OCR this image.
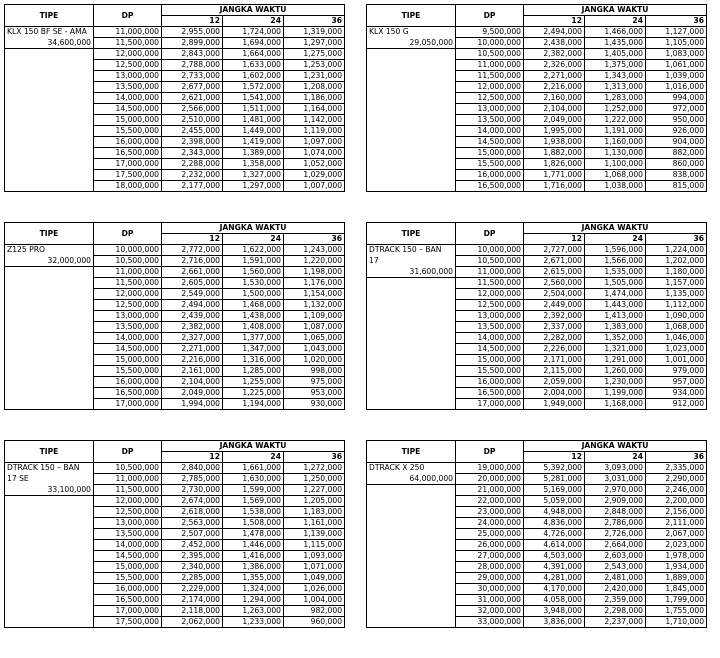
TIPE	DP	JANGKA WAKTU		
		12	24	36
KLX 150 BF SE - AMA	11,000,000	2,955,000	1,724,000	1,319,000
34,600,000	11,500,000	2,899,000	1,694,000	1,297,000
	12,000,000	2,843,000	1,664,000	1,275,000
	12,500,000	2,788,000	1,633,000	1,253,000
	13,000,000	2,733,000	1,602,000	1,231,000
	13,500,000	2,677,000	1,572,000	1,208,000
	14,000,000	2,621,000	1,541,000	1,186,000
	14,500,000	2,566,000	1,511,000	1,164,000
	15,000,000	2,510,000	1,481,000	1,142,000
	15,500,000	2,455,000	1,449,000	1,119,000
	16,000,000	2,398,000	1,419,000	1,097,000
	16,500,000	2,343,000	1,389,000	1,074,000
	17,000,000	2,288,000	1,358,000	1,052,000
	17,500,000	2,232,000	1,327,000	1,029,000
	18,000,000	2,177,000	1,297,000	1,007,000
TIPE	DP	JANGKA WAKTU		
		12	24	36
KLX 150 G	9,500,000	2,494,000	1,466,000	1,127,000
29,050,000	10,000,000	2,438,000	1,435,000	1,105,000
	10,500,000	2,382,000	1,405,000	1,083,000
	11,000,000	2,326,000	1,375,000	1,061,000
	11,500,000	2,271,000	1,343,000	1,039,000
	12,000,000	2,216,000	1,313,000	1,016,000
	12,500,000	2,160,000	1,283,000	994,000
	13,000,000	2,104,000	1,252,000	972,000
	13,500,000	2,049,000	1,222,000	950,000
	14,000,000	1,995,000	1,191,000	926,000
	14,500,000	1,938,000	1,160,000	904,000
	15,000,000	1,882,000	1,130,000	882,000
	15,500,000	1,826,000	1,100,000	860,000
	16,000,000	1,771,000	1,068,000	838,000
	16,500,000	1,716,000	1,038,000	815,000
TIPE	DP	JANGKA WAKTU		
		12	24	36
Z125 PRO	10,000,000	2,772,000	1,622,000	1,243,000
32,000,000	10,500,000	2,716,000	1,591,000	1,220,000
	11,000,000	2,661,000	1,560,000	1,198,000
	11,500,000	2,605,000	1,530,000	1,176,000
	12,000,000	2,549,000	1,500,000	1,154,000
	12,500,000	2,494,000	1,468,000	1,132,000
	13,000,000	2,439,000	1,438,000	1,109,000
	13,500,000	2,382,000	1,408,000	1,087,000
	14,000,000	2,327,000	1,377,000	1,065,000
	14,500,000	2,271,000	1,347,000	1,043,000
	15,000,000	2,216,000	1,316,000	1,020,000
	15,500,000	2,161,000	1,285,000	998,000
	16,000,000	2,104,000	1,255,000	975,000
	16,500,000	2,049,000	1,225,000	953,000
	17,000,000	1,994,000	1,194,000	930,000
TIPE	DP	JANGKA WAKTU		
		12	24	36
DTRACK 150 – BAN	10,000,000	2,727,000	1,596,000	1,224,000
17	10,500,000	2,671,000	1,566,000	1,202,000
31,600,000	11,000,000	2,615,000	1,535,000	1,180,000
	11,500,000	2,560,000	1,505,000	1,157,000
	12,000,000	2,504,000	1,474,000	1,135,000
	12,500,000	2,449,000	1,443,000	1,112,000
	13,000,000	2,392,000	1,413,000	1,090,000
	13,500,000	2,337,000	1,383,000	1,068,000
	14,000,000	2,282,000	1,352,000	1,046,000
	14,500,000	2,226,000	1,321,000	1,023,000
	15,000,000	2,171,000	1,291,000	1,001,000
	15,500,000	2,115,000	1,260,000	979,000
	16,000,000	2,059,000	1,230,000	957,000
	16,500,000	2,004,000	1,199,000	934,000
	17,000,000	1,949,000	1,168,000	912,000
TIPE	DP	JANGKA WAKTU		
		12	24	36
DTRACK 150 – BAN	10,500,000	2,840,000	1,661,000	1,272,000
17 SE	11,000,000	2,785,000	1,630,000	1,250,000
33,100,000	11,500,000	2,730,000	1,599,000	1,227,000
	12,000,000	2,674,000	1,569,000	1,205,000
	12,500,000	2,618,000	1,538,000	1,183,000
	13,000,000	2,563,000	1,508,000	1,161,000
	13,500,000	2,507,000	1,478,000	1,139,000
	14,000,000	2,452,000	1,446,000	1,115,000
	14,500,000	2,395,000	1,416,000	1,093,000
	15,000,000	2,340,000	1,386,000	1,071,000
	15,500,000	2,285,000	1,355,000	1,049,000
	16,000,000	2,229,000	1,324,000	1,026,000
	16,500,000	2,174,000	1,294,000	1,004,000
	17,000,000	2,118,000	1,263,000	982,000
	17,500,000	2,062,000	1,233,000	960,000
TIPE	DP	JANGKA WAKTU		
		12	24	36
DTRACK X 250	19,000,000	5,392,000	3,093,000	2,335,000
64,000,000	20,000,000	5,281,000	3,031,000	2,290,000
	21,000,000	5,169,000	2,970,000	2,246,000
	22,000,000	5,059,000	2,909,000	2,200,000
	23,000,000	4,948,000	2,848,000	2,156,000
	24,000,000	4,836,000	2,786,000	2,111,000
	25,000,000	4,726,000	2,726,000	2,067,000
	26,000,000	4,614,000	2,664,000	2,023,000
	27,000,000	4,503,000	2,603,000	1,978,000
	28,000,000	4,391,000	2,543,000	1,934,000
	29,000,000	4,281,000	2,481,000	1,889,000
	30,000,000	4,170,000	2,420,000	1,845,000
	31,000,000	4,058,000	2,359,000	1,799,000
	32,000,000	3,948,000	2,298,000	1,755,000
	33,000,000	3,836,000	2,237,000	1,710,000
